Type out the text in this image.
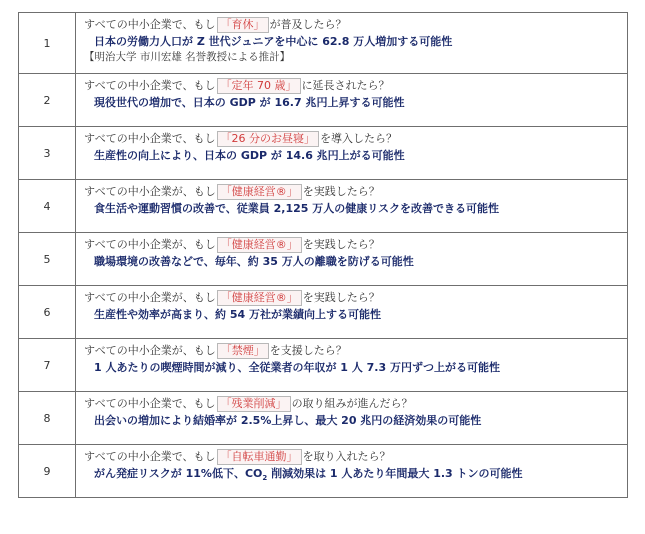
1	すべての中小企業で、もし 「育休」 が普及したら？
日本の労働力人口が Z 世代ジュニアを中心に 62.8 万人増加する可能性
【明治大学 市川宏雄 名誉教授による推計】

2	すべての中小企業で、もし 「定年 70 歳」 に延長されたら？
現役世代の増加で、日本の GDP が 16.7 兆円上昇する可能性

3	すべての中小企業で、もし 「26 分のお昼寝」 を導入したら？
生産性の向上により、日本の GDP が 14.6 兆円上がる可能性

4	すべての中小企業が、もし 「健康経営®」 を実践したら？
食生活や運動習慣の改善で、従業員 2,125 万人の健康リスクを改善できる可能性

5	すべての中小企業が、もし 「健康経営®」 を実践したら？
職場環境の改善などで、毎年、約 35 万人の離職を防げる可能性

6	すべての中小企業が、もし 「健康経営®」 を実践したら？
生産性や効率が高まり、約 54 万社が業績向上する可能性

7	すべての中小企業が、もし 「禁煙」 を支援したら？
1 人あたりの喫煙時間が減り、全従業者の年収が 1 人 7.3 万円ずつ上がる可能性

8	すべての中小企業で、もし 「残業削減」 の取り組みが進んだら？
出会いの増加により結婚率が 2.5%上昇し、最大 20 兆円の経済効果の可能性

9	すべての中小企業で、もし 「自転車通勤」 を取り入れたら？
がん発症リスクが 11%低下、$CO_2$ 削減効果は 1 人あたり年間最大 1.3 トンの可能性
